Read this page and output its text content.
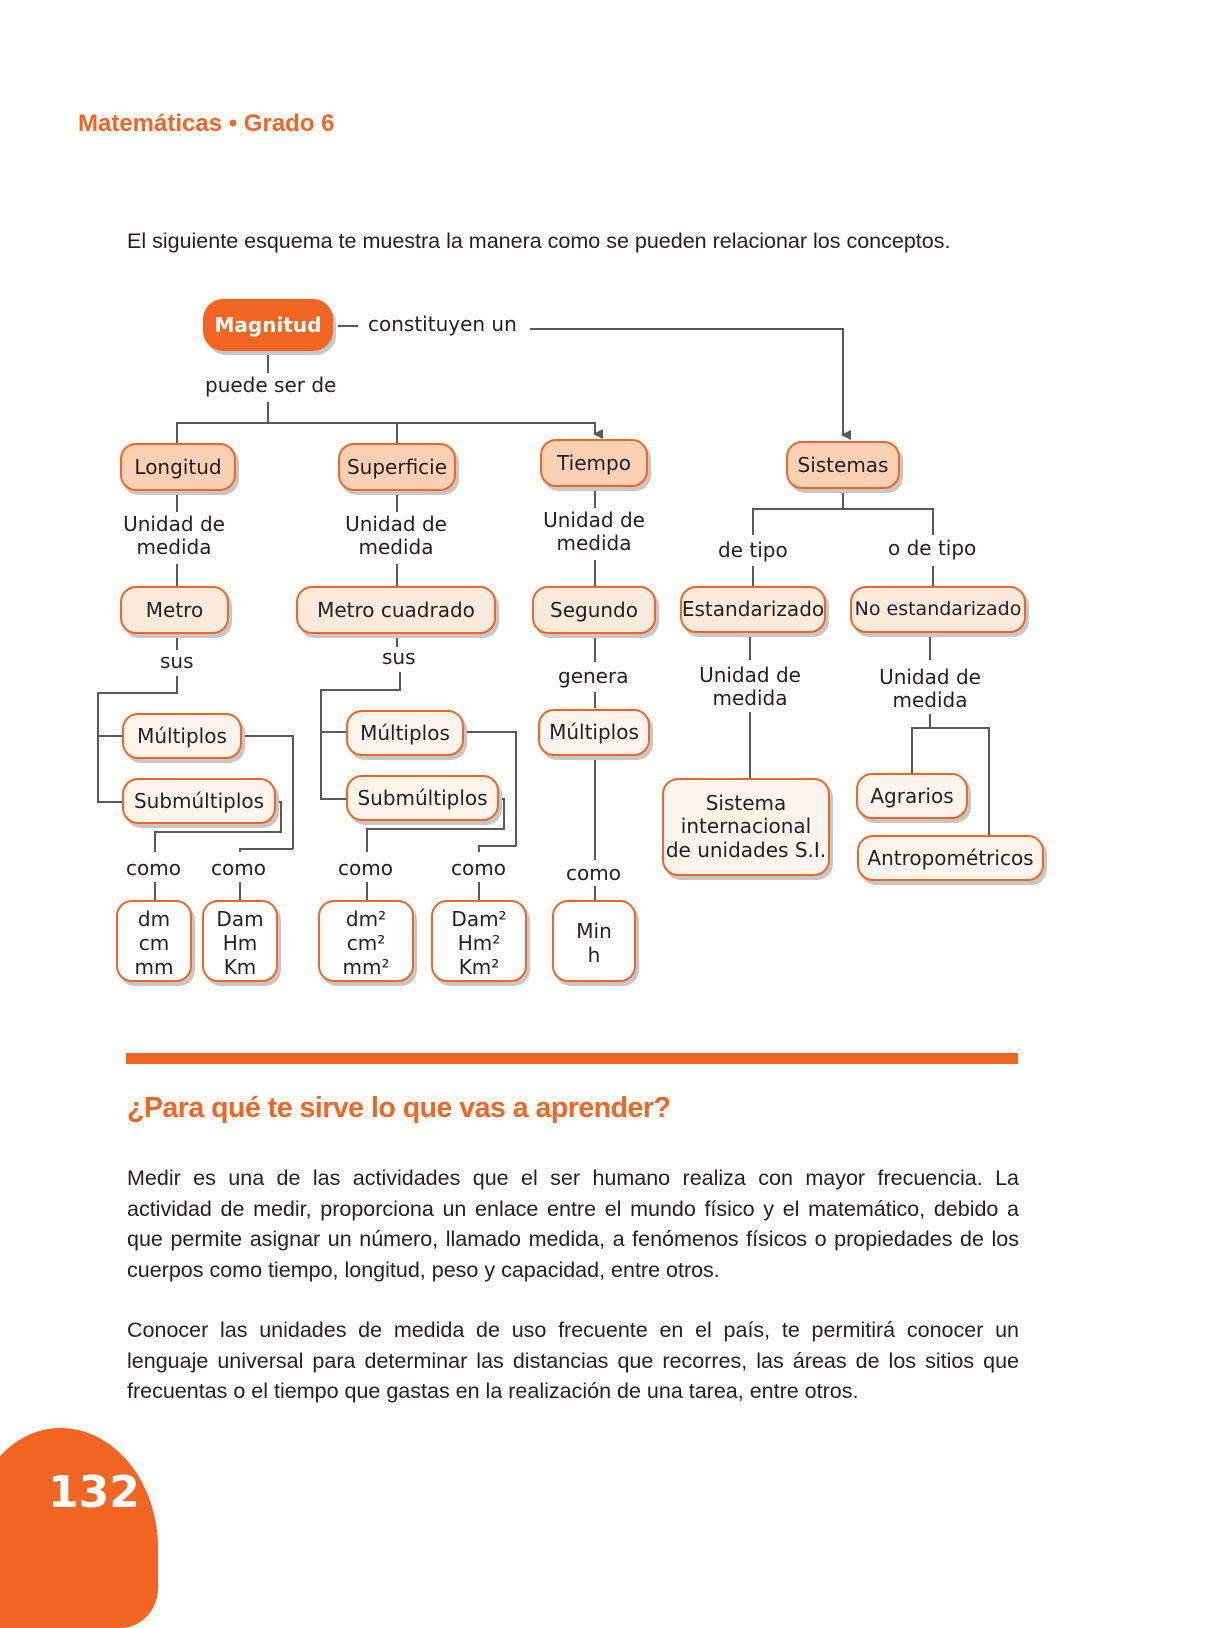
Matemáticas • Grado 6
El siguiente esquema te muestra la manera como se pueden relacionar los conceptos.
Magnitud
Longitud	Superficie	Tiempo	Sistemas
Metro	Metro cuadrado	Segundo	Estandarizado No estandarizado
Múltiplos
Submúltiplos
Múltiplos
Submúltiplos
Múltiplos
Sistema
internacional
de unidades S.I.
Agrarios
Antropométricos
dm
cm
mm
Dam
Hm
Km
dm²
cm²
mm²
Dam²
Hm²
Km²
Min
h
constituyen un
puede ser de
Unidad de medida
Unidad de medida
Unidad de medida
Unidad de medida
Unidad de medida
sus	sus
genera
de tipo	o de tipo
como como	como	como	como
¿Para qué te sirve lo que vas a aprender?

Medir es una de las actividades que el ser humano realiza con mayor frecuencia. La actividad de medir, proporciona un enlace entre el mundo físico y el matemático, debido a que permite asignar un número, llamado medida, a fenómenos físicos o propiedades de los cuerpos como tiempo, longitud, peso y capacidad, entre otros.

Conocer las unidades de medida de uso frecuente en el país, te permitirá conocer un lenguaje universal para determinar las distancias que recorres, las áreas de los sitios que frecuentas o el tiempo que gastas en la realización de una tarea, entre otros.

132
